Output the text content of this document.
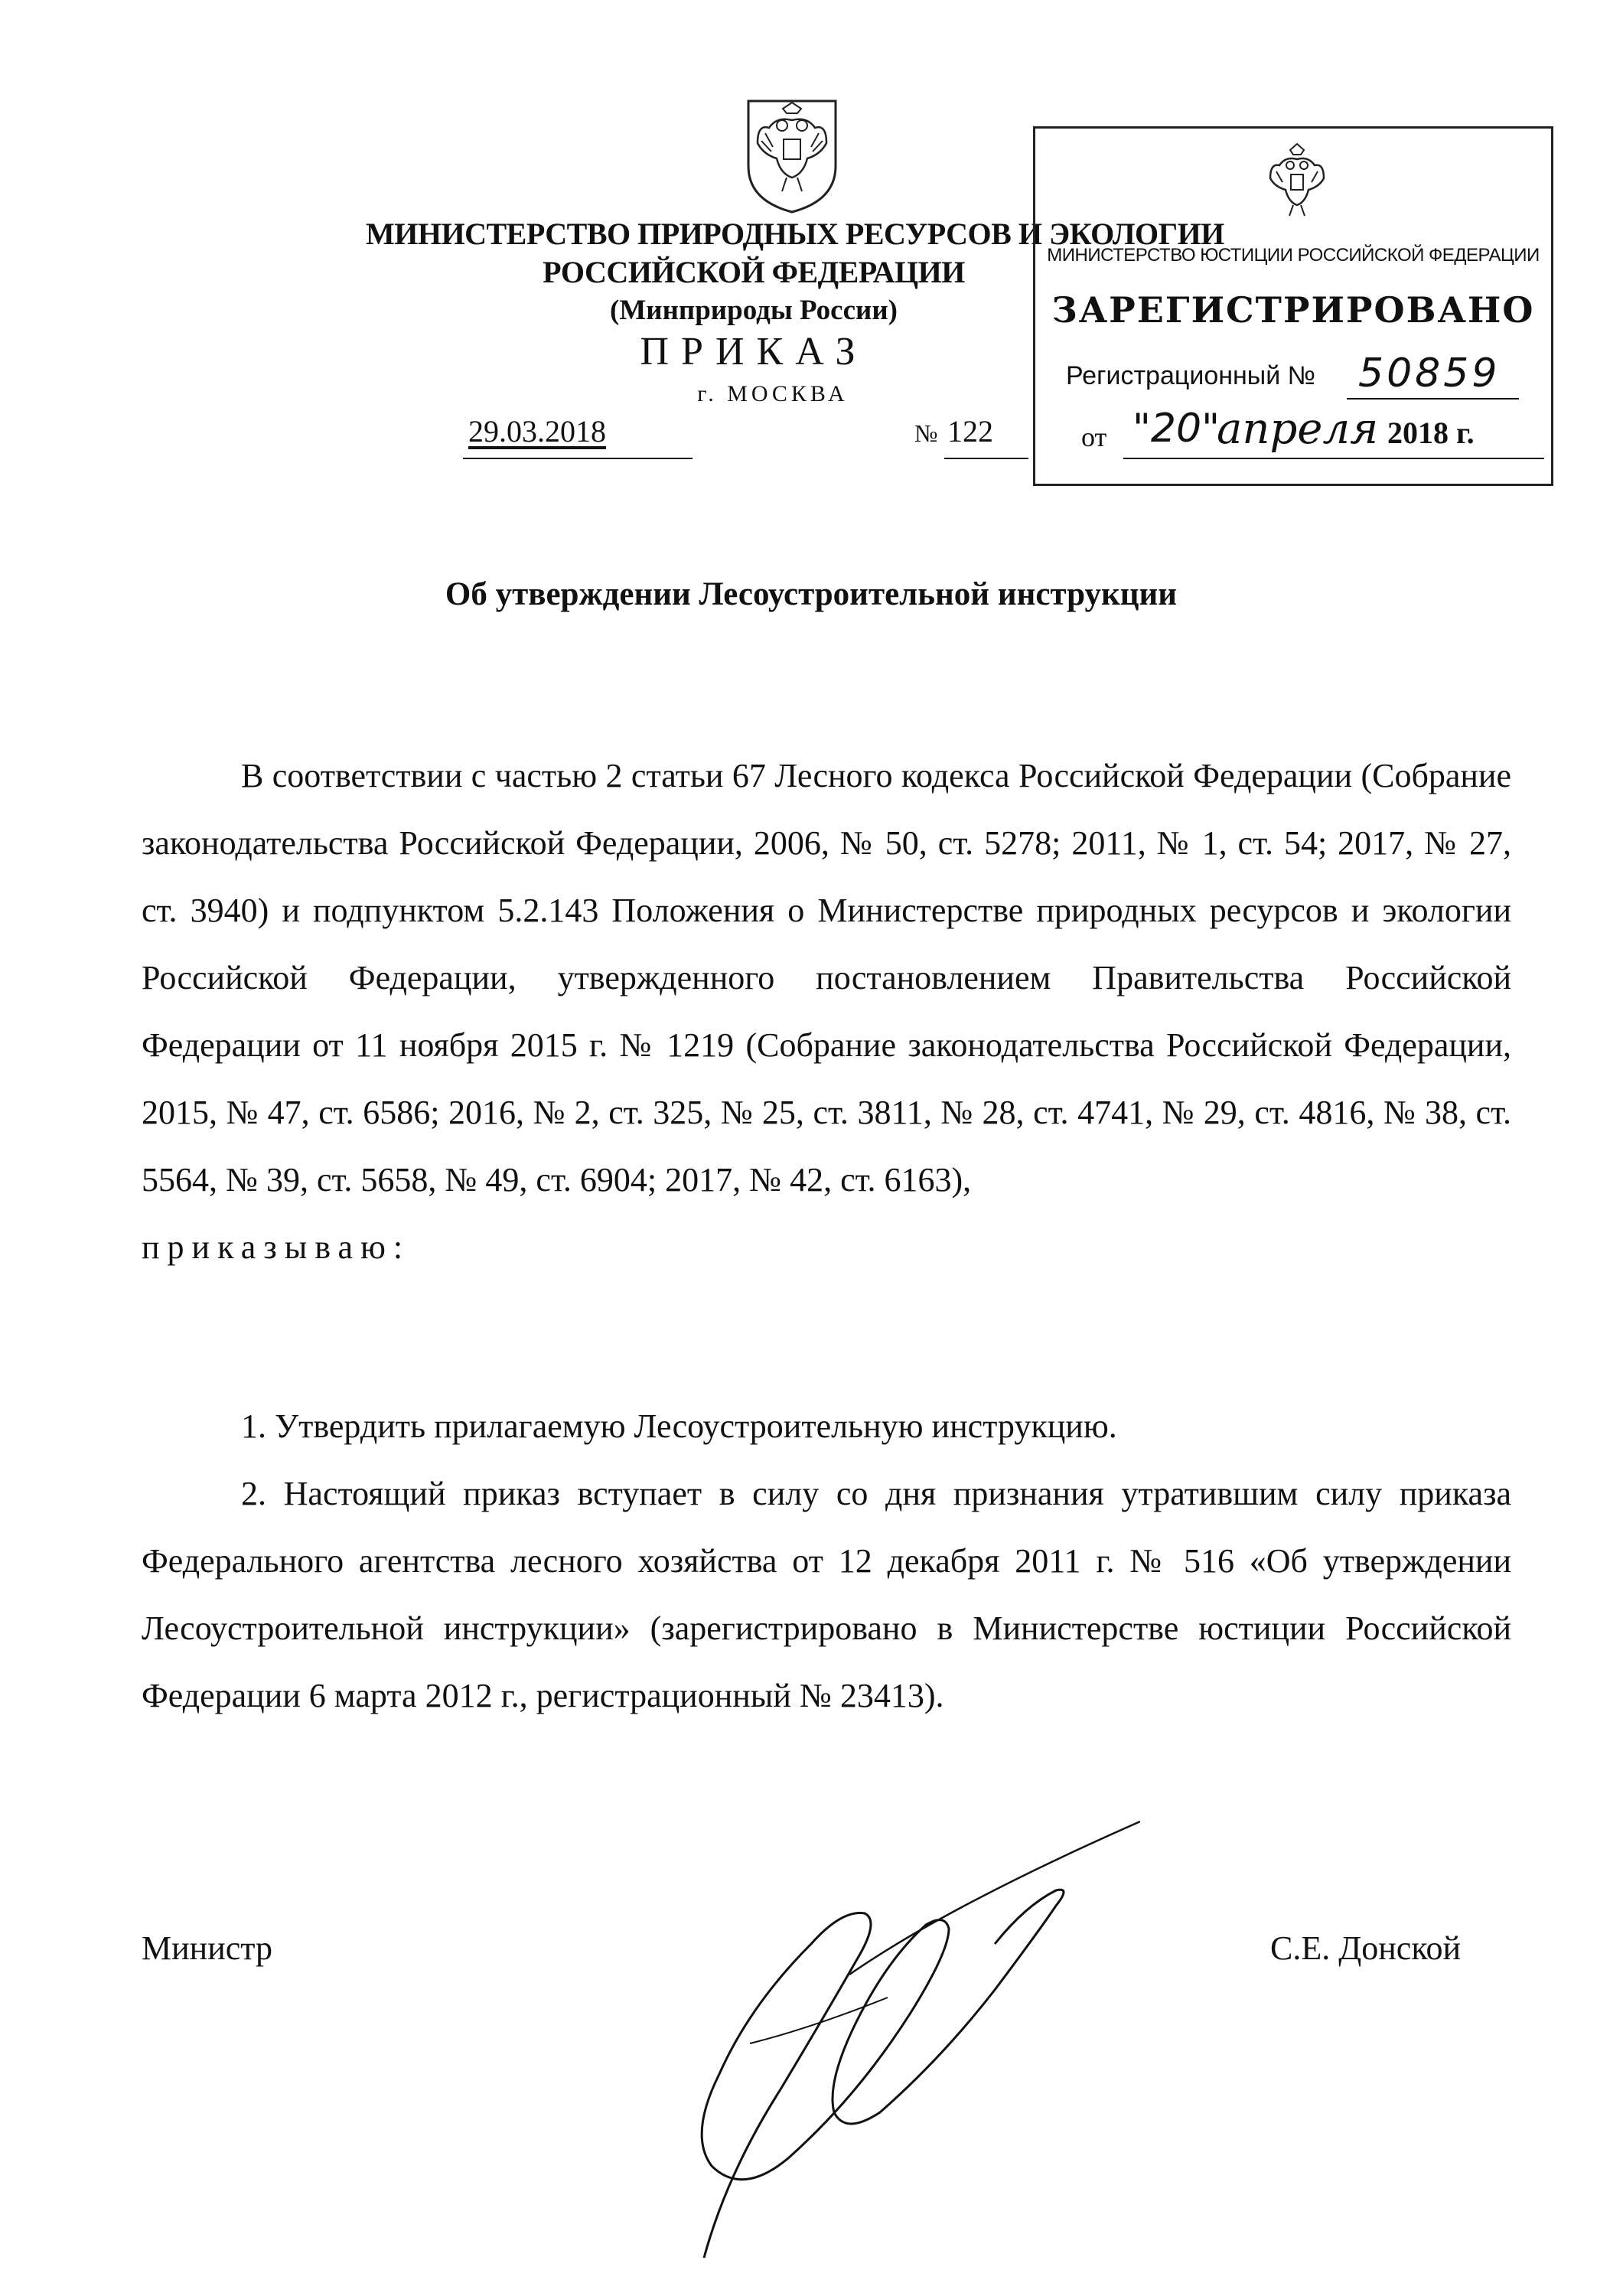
МИНИСТЕРСТВО ПРИРОДНЫХ РЕСУРСОВ И ЭКОЛОГИИ
РОССИЙСКОЙ ФЕДЕРАЦИИ
(Минприроды России)
ПРИКАЗ
г. МОСКВА
29.03.2018	№ 122
МИНИСТЕРСТВО ЮСТИЦИИ РОССИЙСКОЙ ФЕДЕРАЦИИ
ЗАРЕГИСТРИРОВАНО
Регистрационный № 50859
от "20"
апреля 2018 г.
Об утверждении Лесоустроительной инструкции
В соответствии с частью 2 статьи 67 Лесного кодекса Российской Федерации (Собрание законодательства Российской Федерации, 2006, № 50, ст. 5278; 2011, № 1, ст. 54; 2017, № 27, ст. 3940) и подпунктом 5.2.143 Положения о Министерстве природных ресурсов и экологии Российской Федерации, утвержденного постановлением Правительства Российской Федерации от 11 ноября 2015 г. № 1219 (Собрание законодательства Российской Федерации, 2015, № 47, ст. 6586; 2016, № 2, ст. 325, № 25, ст. 3811, № 28, ст. 4741, № 29, ст. 4816, № 38, ст. 5564, № 39, ст. 5658, № 49, ст. 6904; 2017, № 42, ст. 6163),
приказываю:
1. Утвердить прилагаемую Лесоустроительную инструкцию.
2. Настоящий приказ вступает в силу со дня признания утратившим силу приказа Федерального агентства лесного хозяйства от 12 декабря 2011 г. № 516 «Об утверждении Лесоустроительной инструкции» (зарегистрировано в Министерстве юстиции Российской Федерации 6 марта 2012 г., регистрационный № 23413).
Министр	С.Е. Донской
